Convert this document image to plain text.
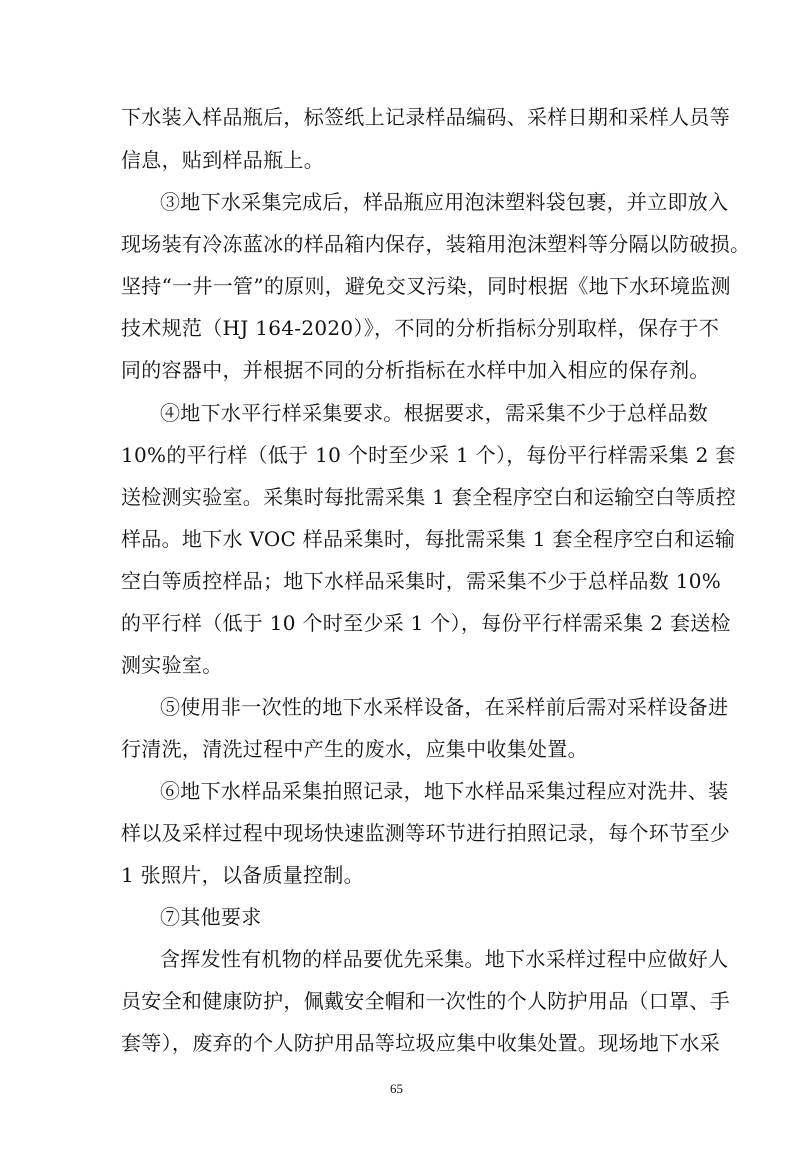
下水装入样品瓶后，标签纸上记录样品编码、采样日期和采样人员等
信息，贴到样品瓶上。
③地下水采集完成后，样品瓶应用泡沫塑料袋包裹，并立即放入
现场装有冷冻蓝冰的样品箱内保存，装箱用泡沫塑料等分隔以防破损。
坚持“一井一管”的原则，避免交叉污染，同时根据《地下水环境监测
技术规范（HJ 164-2020）》，不同的分析指标分别取样，保存于不
同的容器中，并根据不同的分析指标在水样中加入相应的保存剂。
④地下水平行样采集要求。根据要求，需采集不少于总样品数
10%的平行样（低于 10 个时至少采 1 个），每份平行样需采集 2 套
送检测实验室。采集时每批需采集 1 套全程序空白和运输空白等质控
样品。地下水 VOC 样品采集时，每批需采集 1 套全程序空白和运输
空白等质控样品；地下水样品采集时，需采集不少于总样品数 10%
的平行样（低于 10 个时至少采 1 个），每份平行样需采集 2 套送检
测实验室。
⑤使用非一次性的地下水采样设备，在采样前后需对采样设备进
行清洗，清洗过程中产生的废水，应集中收集处置。
⑥地下水样品采集拍照记录，地下水样品采集过程应对洗井、装
样以及采样过程中现场快速监测等环节进行拍照记录，每个环节至少
1 张照片，以备质量控制。
⑦其他要求
含挥发性有机物的样品要优先采集。地下水采样过程中应做好人
员安全和健康防护，佩戴安全帽和一次性的个人防护用品（口罩、手
套等），废弃的个人防护用品等垃圾应集中收集处置。现场地下水采
65
